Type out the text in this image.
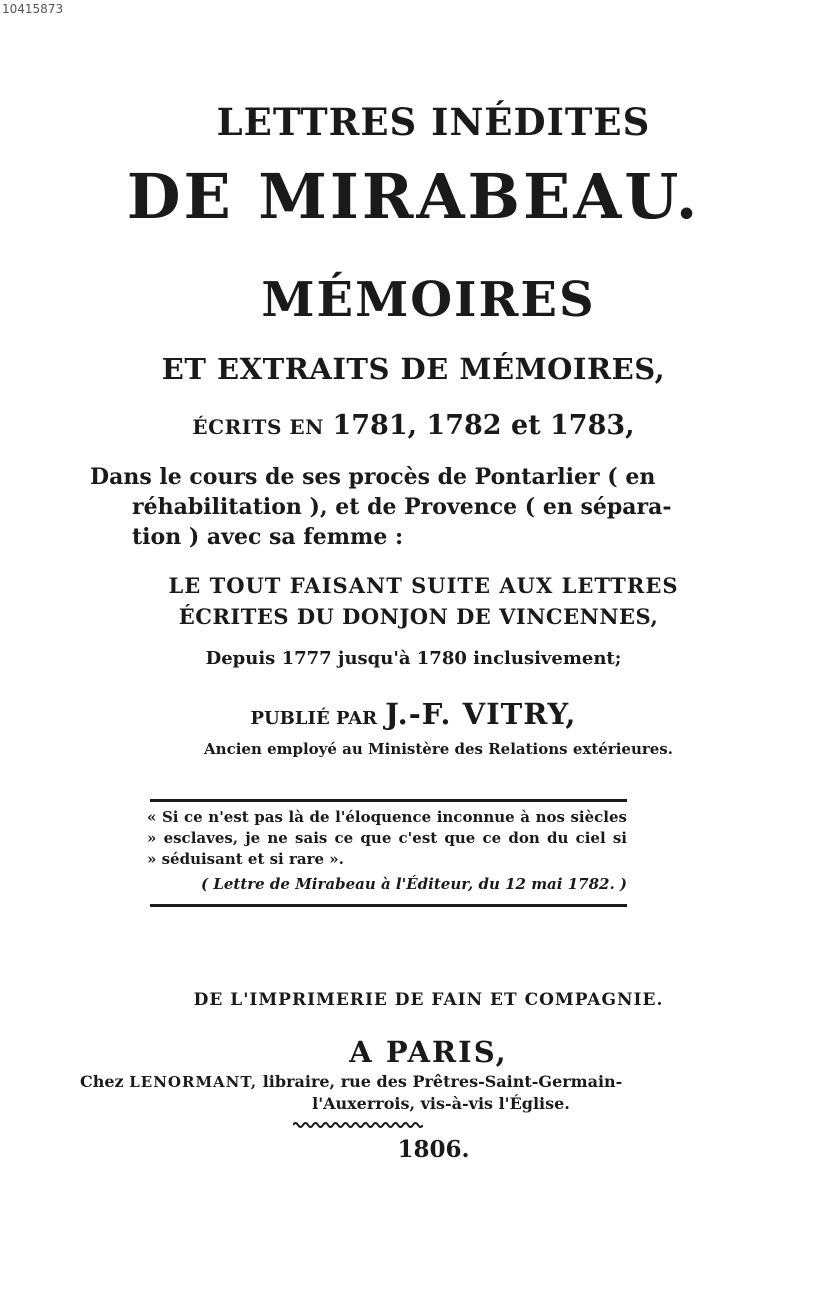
10415873
LETTRES INÉDITES
DE MIRABEAU.
MÉMOIRES
ET EXTRAITS DE MÉMOIRES,
ÉCRITS EN 1781, 1782 et 1783,
Dans le cours de ses procès de Pontarlier ( en
réhabilitation ), et de Provence ( en sépara-
tion ) avec sa femme :
LE TOUT FAISANT SUITE AUX LETTRES
ÉCRITES DU DONJON DE VINCENNES,
Depuis 1777 jusqu'à 1780 inclusivement;
PUBLIÉ PAR J.-F. VITRY,
Ancien employé au Ministère des Relations extérieures.
« Si ce n'est pas là de l'éloquence inconnue à nos siècles
» esclaves, je ne sais ce que c'est que ce don du ciel si
» séduisant et si rare ».
( Lettre de Mirabeau à l'Éditeur, du 12 mai 1782. )
DE L'IMPRIMERIE DE FAIN ET COMPAGNIE.
A PARIS,
Chez LENORMANT, libraire, rue des Prêtres-Saint-Germain-
l'Auxerrois, vis-à-vis l'Église.
1806.
